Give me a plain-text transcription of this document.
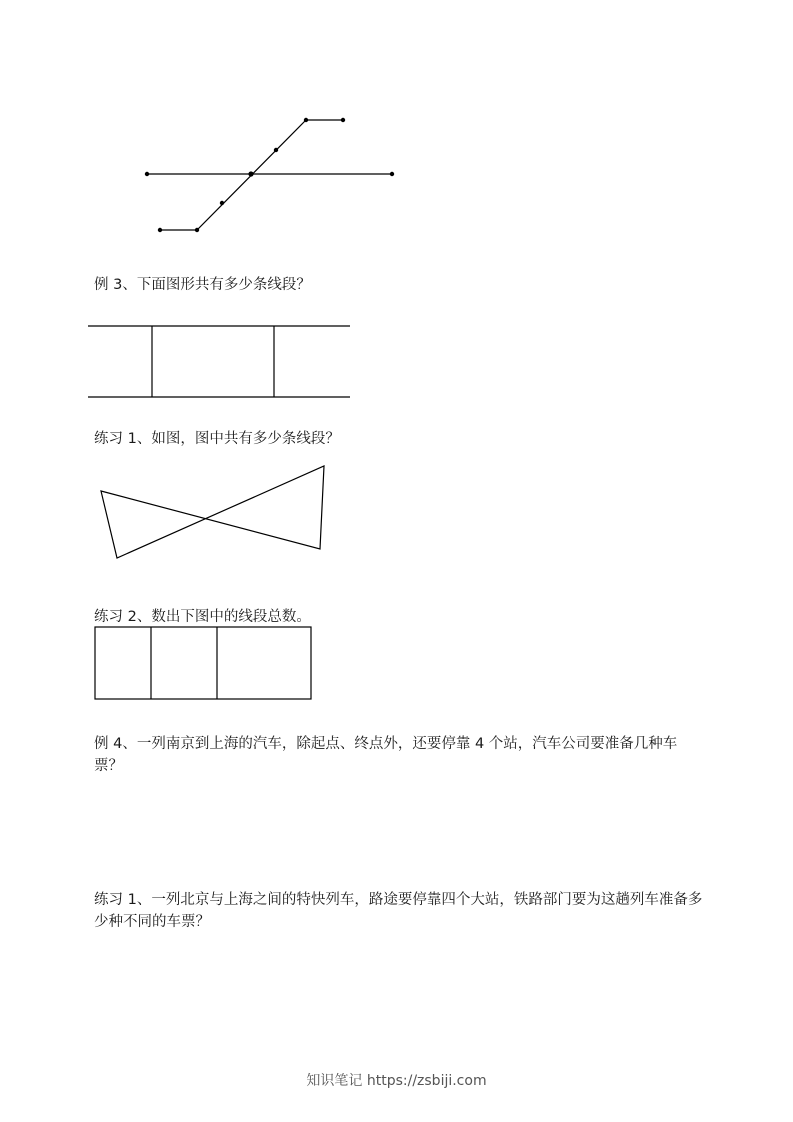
例 3、下面图形共有多少条线段？

练习 1、如图，图中共有多少条线段？

练习 2、数出下图中的线段总数。

例 4、一列南京到上海的汽车，除起点、终点外，还要停靠 4 个站，汽车公司要准备几种车票？

练习 1、一列北京与上海之间的特快列车，路途要停靠四个大站，铁路部门要为这趟列车准备多少种不同的车票？

知识笔记 https://zsbiji.com
